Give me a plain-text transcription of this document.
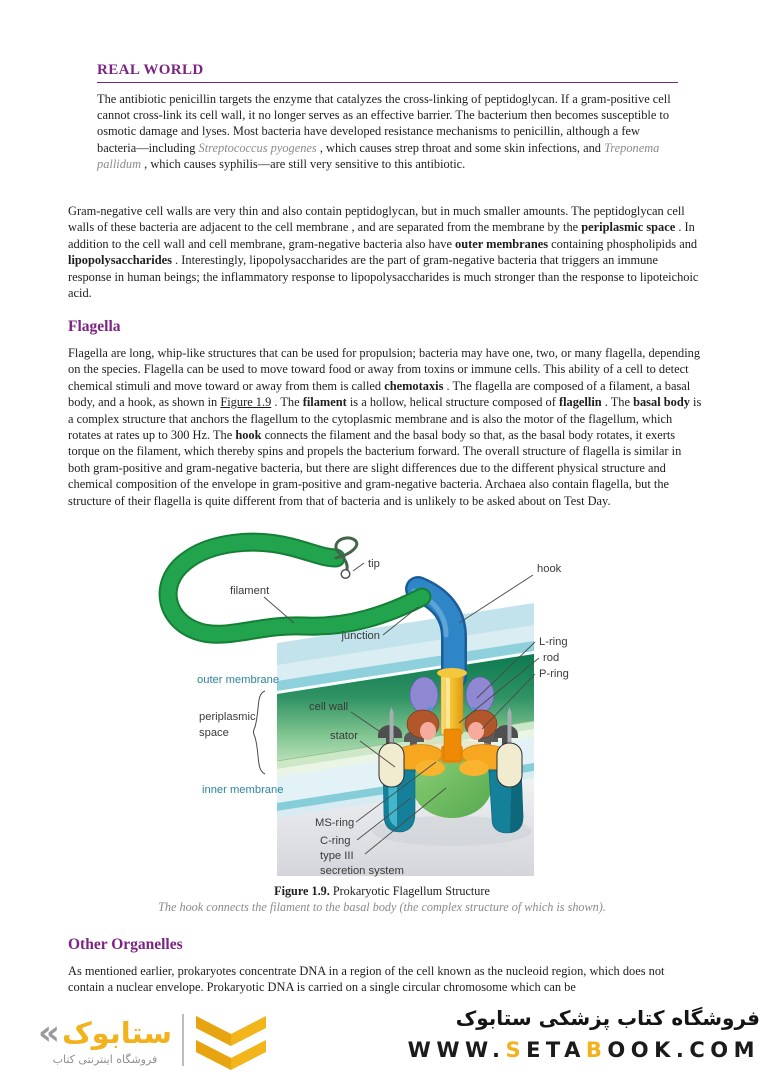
REAL WORLD

The antibiotic penicillin targets the enzyme that catalyzes the cross-linking of peptidoglycan. If a gram-positive cell cannot cross-link its cell wall, it no longer serves as an effective barrier. The bacterium then becomes susceptible to osmotic damage and lyses. Most bacteria have developed resistance mechanisms to penicillin, although a few bacteria—including Streptococcus pyogenes , which causes strep throat and some skin infections, and Treponema pallidum , which causes syphilis—are still very sensitive to this antibiotic.

Gram-negative cell walls are very thin and also contain peptidoglycan, but in much smaller amounts. The peptidoglycan cell walls of these bacteria are adjacent to the cell membrane , and are separated from the membrane by the periplasmic space . In addition to the cell wall and cell membrane, gram-negative bacteria also have outer membranes containing phospholipids and lipopolysaccharides . Interestingly, lipopolysaccharides are the part of gram-negative bacteria that triggers an immune response in human beings; the inflammatory response to lipopolysaccharides is much stronger than the response to lipoteichoic acid.

Flagella

Flagella are long, whip-like structures that can be used for propulsion; bacteria may have one, two, or many flagella, depending on the species. Flagella can be used to move toward food or away from toxins or immune cells. This ability of a cell to detect chemical stimuli and move toward or away from them is called chemotaxis . The flagella are composed of a filament, a basal body, and a hook, as shown in Figure 1.9 . The filament is a hollow, helical structure composed of flagellin . The basal body is a complex structure that anchors the flagellum to the cytoplasmic membrane and is also the motor of the flagellum, which rotates at rates up to 300 Hz. The hook connects the filament and the basal body so that, as the basal body rotates, it exerts torque on the filament, which thereby spins and propels the bacterium forward. The overall structure of flagella is similar in both gram-positive and gram-negative bacteria, but there are slight differences due to the different physical structure and chemical composition of the envelope in gram-positive and gram-negative bacteria. Archaea also contain flagella, but the structure of their flagella is quite different from that of bacteria and is unlikely to be asked about on Test Day.

tip
filament
junction
hook
L-ring
rod
P-ring
outer membrane
periplasmic
space
cell wall
stator
inner membrane
MS-ring
C-ring
type III
secretion system
Figure 1.9. Prokaryotic Flagellum Structure
The hook connects the filament to the basal body (the complex structure of which is shown).
Other Organelles

As mentioned earlier, prokaryotes concentrate DNA in a region of the cell known as the nucleoid region, which does not contain a nuclear envelope. Prokaryotic DNA is carried on a single circular chromosome which can be

« ستابوک
فروشگاه اینترنتی کتاب
فروشگاه کتاب پزشکی ستابوک
WWW.SETABOOK.COM
